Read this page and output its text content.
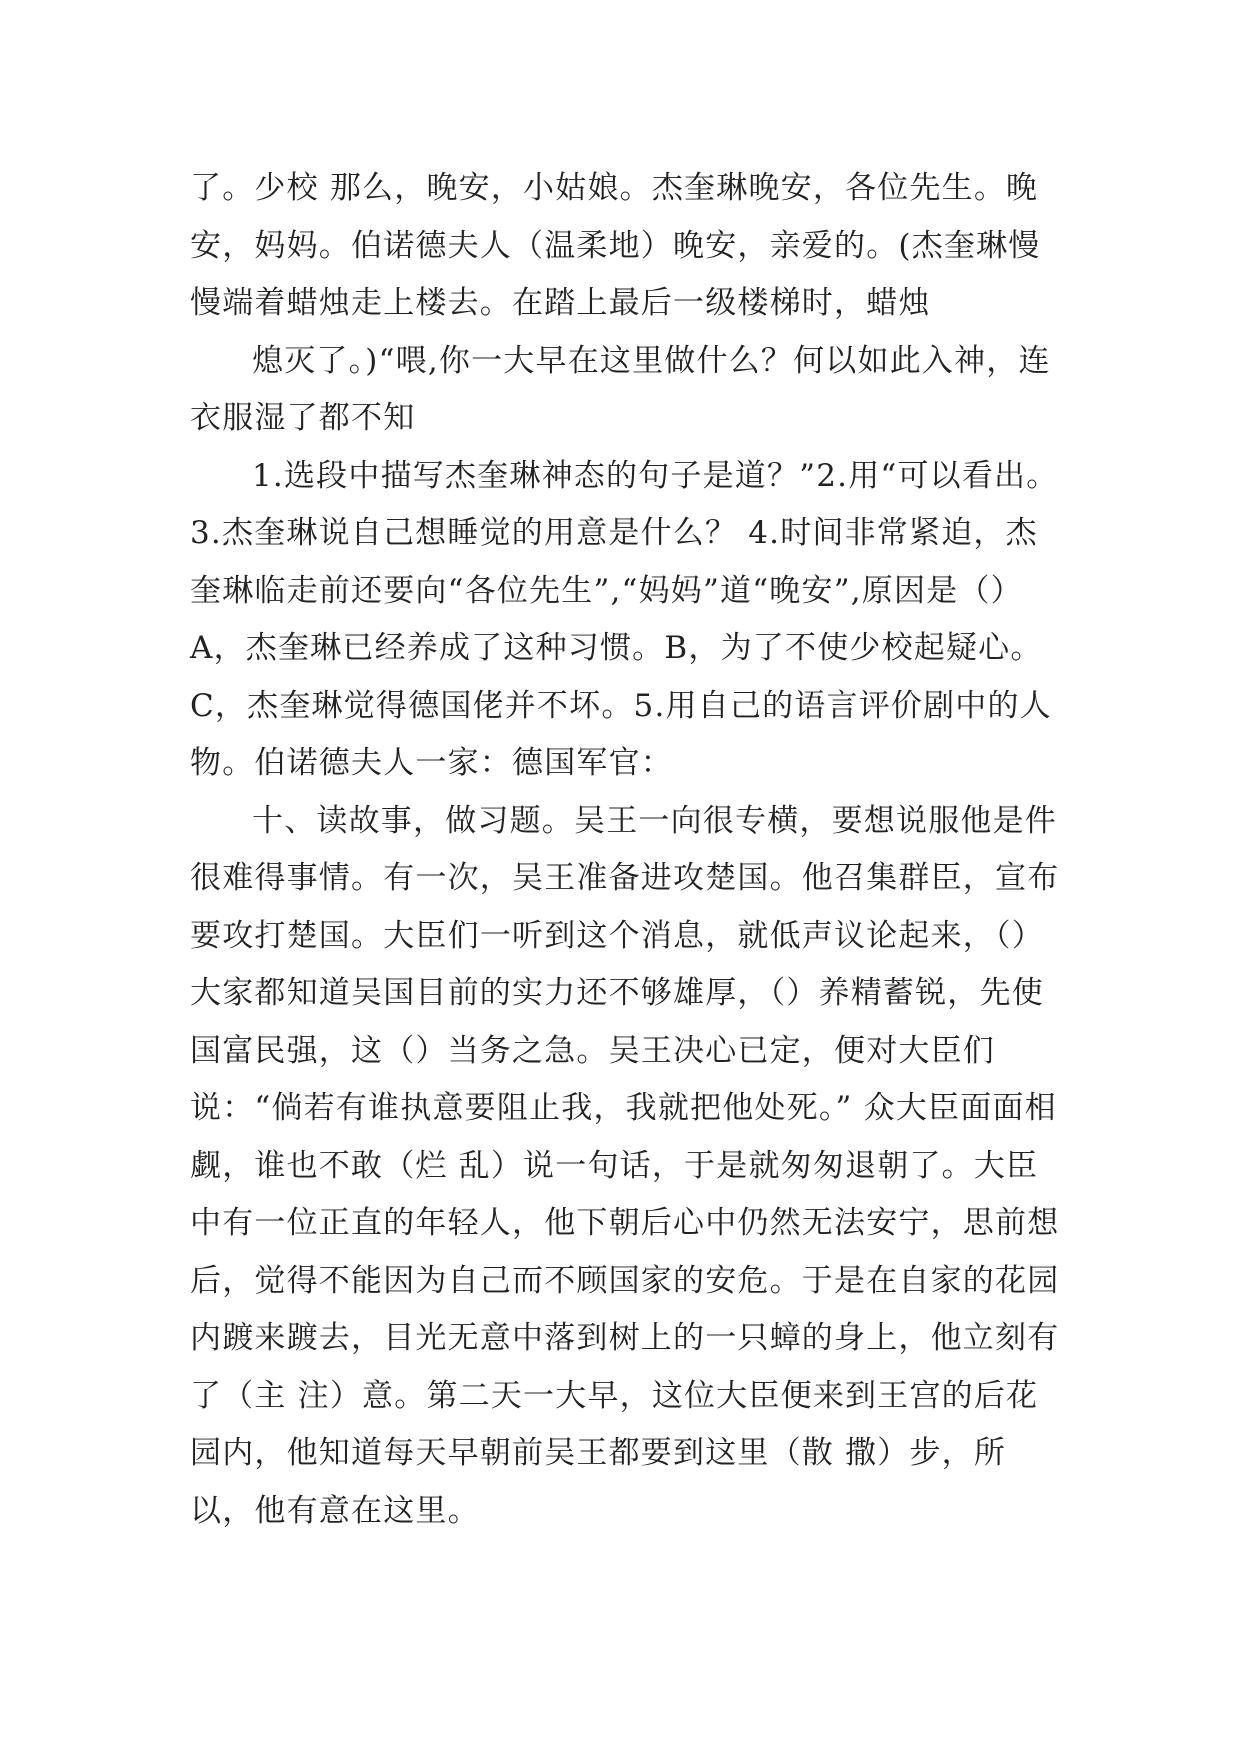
了。少校 那么，晚安，小姑娘。杰奎琳晚安，各位先生。晚安，妈妈。伯诺德夫人（温柔地）晚安，亲爱的。(杰奎琳慢慢端着蜡烛走上楼去。在踏上最后一级楼梯时，蜡烛

熄灭了。)“喂,你一大早在这里做什么？何以如此入神，连衣服湿了都不知

1.选段中描写杰奎琳神态的句子是道？”2.用“可以看出。3.杰奎琳说自己想睡觉的用意是什么？ 4.时间非常紧迫，杰奎琳临走前还要向“各位先生”,“妈妈”道“晚安”,原因是（）A，杰奎琳已经养成了这种习惯。B，为了不使少校起疑心。C，杰奎琳觉得德国佬并不坏。5.用自己的语言评价剧中的人物。伯诺德夫人一家：德国军官：

十、读故事，做习题。吴王一向很专横，要想说服他是件很难得事情。有一次，吴王准备进攻楚国。他召集群臣，宣布要攻打楚国。大臣们一听到这个消息，就低声议论起来，（）大家都知道吴国目前的实力还不够雄厚，（）养精蓄锐，先使国富民强，这（）当务之急。吴王决心已定，便对大臣们说：“倘若有谁执意要阻止我，我就把他处死。” 众大臣面面相觑，谁也不敢（烂 乱）说一句话，于是就匆匆退朝了。大臣中有一位正直的年轻人，他下朝后心中仍然无法安宁，思前想后，觉得不能因为自己而不顾国家的安危。于是在自家的花园内踱来踱去，目光无意中落到树上的一只蟑的身上，他立刻有了（主 注）意。第二天一大早，这位大臣便来到王宫的后花园内，他知道每天早朝前吴王都要到这里（散 撒）步，所以，他有意在这里。
